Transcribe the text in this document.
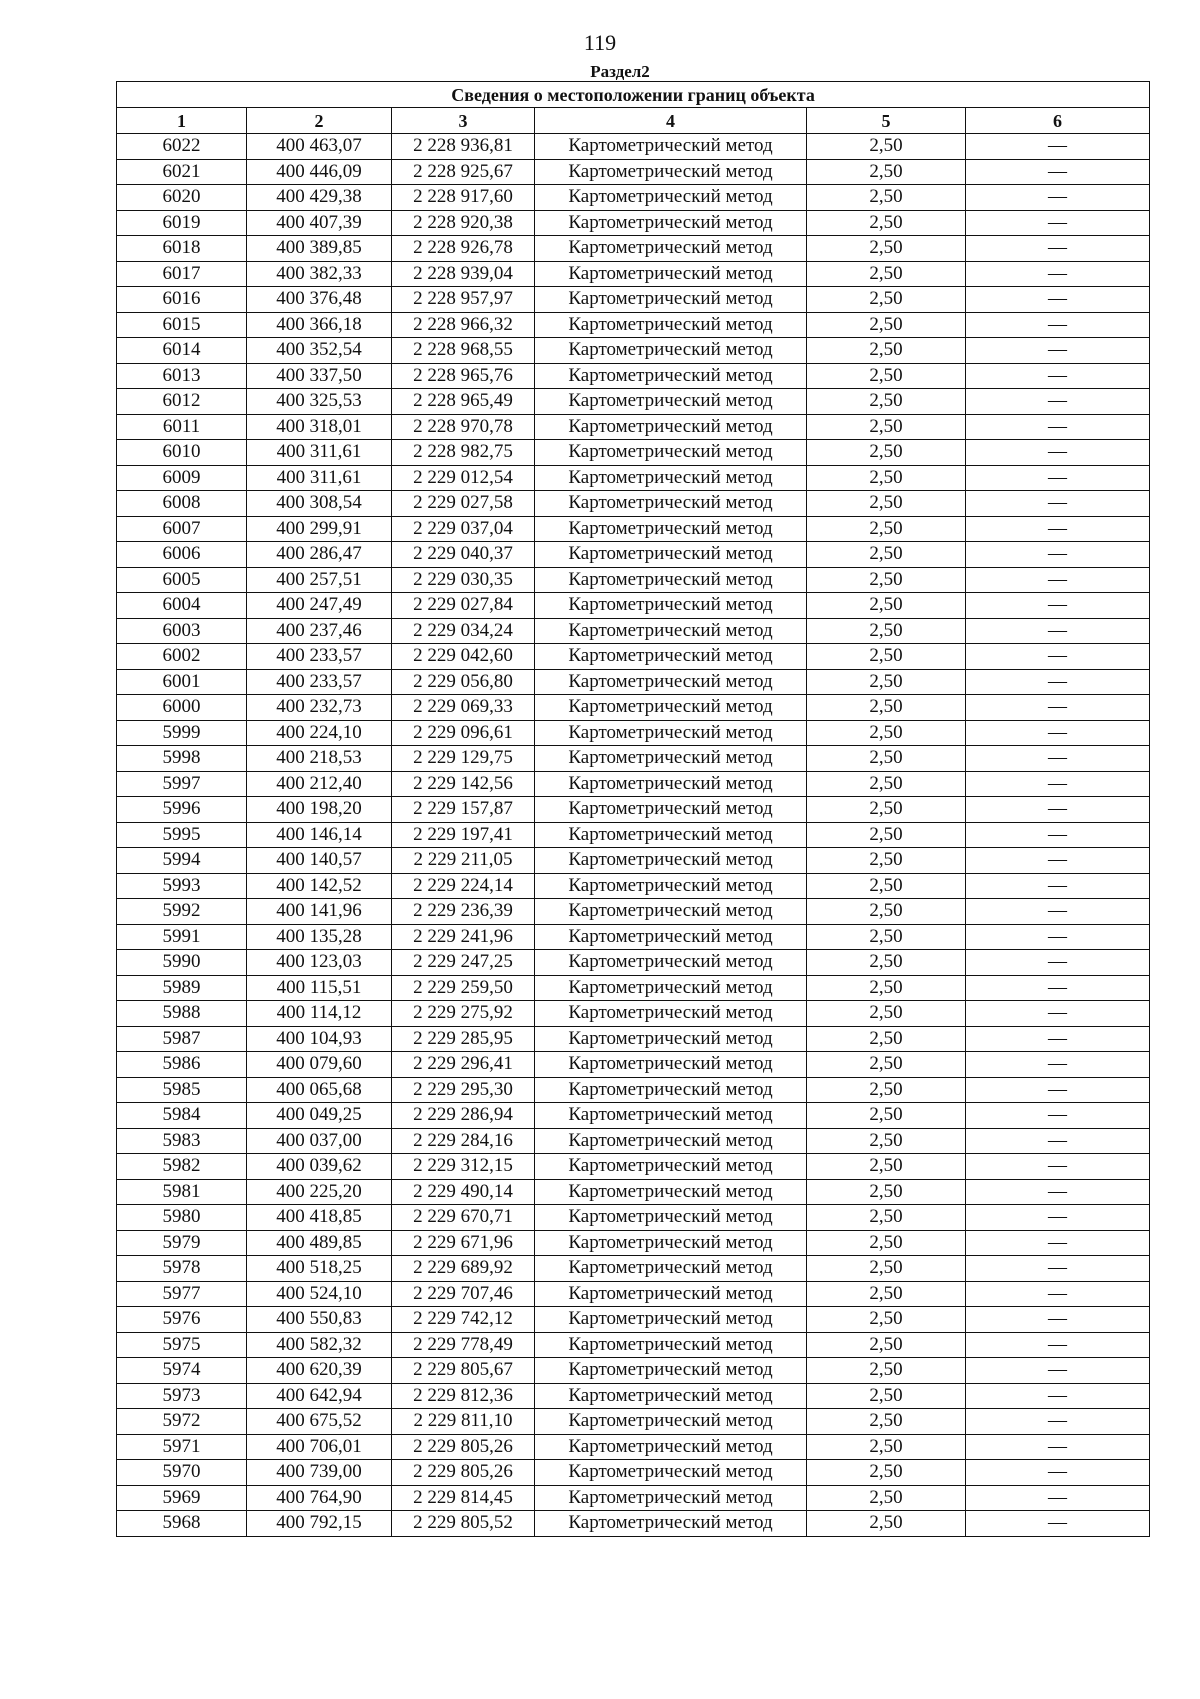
119
Раздел2
Сведения о местоположении границ объекта					
1	2	3	4	5	6
6022	400 463,07	2 228 936,81	Картометрический метод	2,50	—
6021	400 446,09	2 228 925,67	Картометрический метод	2,50	—
6020	400 429,38	2 228 917,60	Картометрический метод	2,50	—
6019	400 407,39	2 228 920,38	Картометрический метод	2,50	—
6018	400 389,85	2 228 926,78	Картометрический метод	2,50	—
6017	400 382,33	2 228 939,04	Картометрический метод	2,50	—
6016	400 376,48	2 228 957,97	Картометрический метод	2,50	—
6015	400 366,18	2 228 966,32	Картометрический метод	2,50	—
6014	400 352,54	2 228 968,55	Картометрический метод	2,50	—
6013	400 337,50	2 228 965,76	Картометрический метод	2,50	—
6012	400 325,53	2 228 965,49	Картометрический метод	2,50	—
6011	400 318,01	2 228 970,78	Картометрический метод	2,50	—
6010	400 311,61	2 228 982,75	Картометрический метод	2,50	—
6009	400 311,61	2 229 012,54	Картометрический метод	2,50	—
6008	400 308,54	2 229 027,58	Картометрический метод	2,50	—
6007	400 299,91	2 229 037,04	Картометрический метод	2,50	—
6006	400 286,47	2 229 040,37	Картометрический метод	2,50	—
6005	400 257,51	2 229 030,35	Картометрический метод	2,50	—
6004	400 247,49	2 229 027,84	Картометрический метод	2,50	—
6003	400 237,46	2 229 034,24	Картометрический метод	2,50	—
6002	400 233,57	2 229 042,60	Картометрический метод	2,50	—
6001	400 233,57	2 229 056,80	Картометрический метод	2,50	—
6000	400 232,73	2 229 069,33	Картометрический метод	2,50	—
5999	400 224,10	2 229 096,61	Картометрический метод	2,50	—
5998	400 218,53	2 229 129,75	Картометрический метод	2,50	—
5997	400 212,40	2 229 142,56	Картометрический метод	2,50	—
5996	400 198,20	2 229 157,87	Картометрический метод	2,50	—
5995	400 146,14	2 229 197,41	Картометрический метод	2,50	—
5994	400 140,57	2 229 211,05	Картометрический метод	2,50	—
5993	400 142,52	2 229 224,14	Картометрический метод	2,50	—
5992	400 141,96	2 229 236,39	Картометрический метод	2,50	—
5991	400 135,28	2 229 241,96	Картометрический метод	2,50	—
5990	400 123,03	2 229 247,25	Картометрический метод	2,50	—
5989	400 115,51	2 229 259,50	Картометрический метод	2,50	—
5988	400 114,12	2 229 275,92	Картометрический метод	2,50	—
5987	400 104,93	2 229 285,95	Картометрический метод	2,50	—
5986	400 079,60	2 229 296,41	Картометрический метод	2,50	—
5985	400 065,68	2 229 295,30	Картометрический метод	2,50	—
5984	400 049,25	2 229 286,94	Картометрический метод	2,50	—
5983	400 037,00	2 229 284,16	Картометрический метод	2,50	—
5982	400 039,62	2 229 312,15	Картометрический метод	2,50	—
5981	400 225,20	2 229 490,14	Картометрический метод	2,50	—
5980	400 418,85	2 229 670,71	Картометрический метод	2,50	—
5979	400 489,85	2 229 671,96	Картометрический метод	2,50	—
5978	400 518,25	2 229 689,92	Картометрический метод	2,50	—
5977	400 524,10	2 229 707,46	Картометрический метод	2,50	—
5976	400 550,83	2 229 742,12	Картометрический метод	2,50	—
5975	400 582,32	2 229 778,49	Картометрический метод	2,50	—
5974	400 620,39	2 229 805,67	Картометрический метод	2,50	—
5973	400 642,94	2 229 812,36	Картометрический метод	2,50	—
5972	400 675,52	2 229 811,10	Картометрический метод	2,50	—
5971	400 706,01	2 229 805,26	Картометрический метод	2,50	—
5970	400 739,00	2 229 805,26	Картометрический метод	2,50	—
5969	400 764,90	2 229 814,45	Картометрический метод	2,50	—
5968	400 792,15	2 229 805,52	Картометрический метод	2,50	—
